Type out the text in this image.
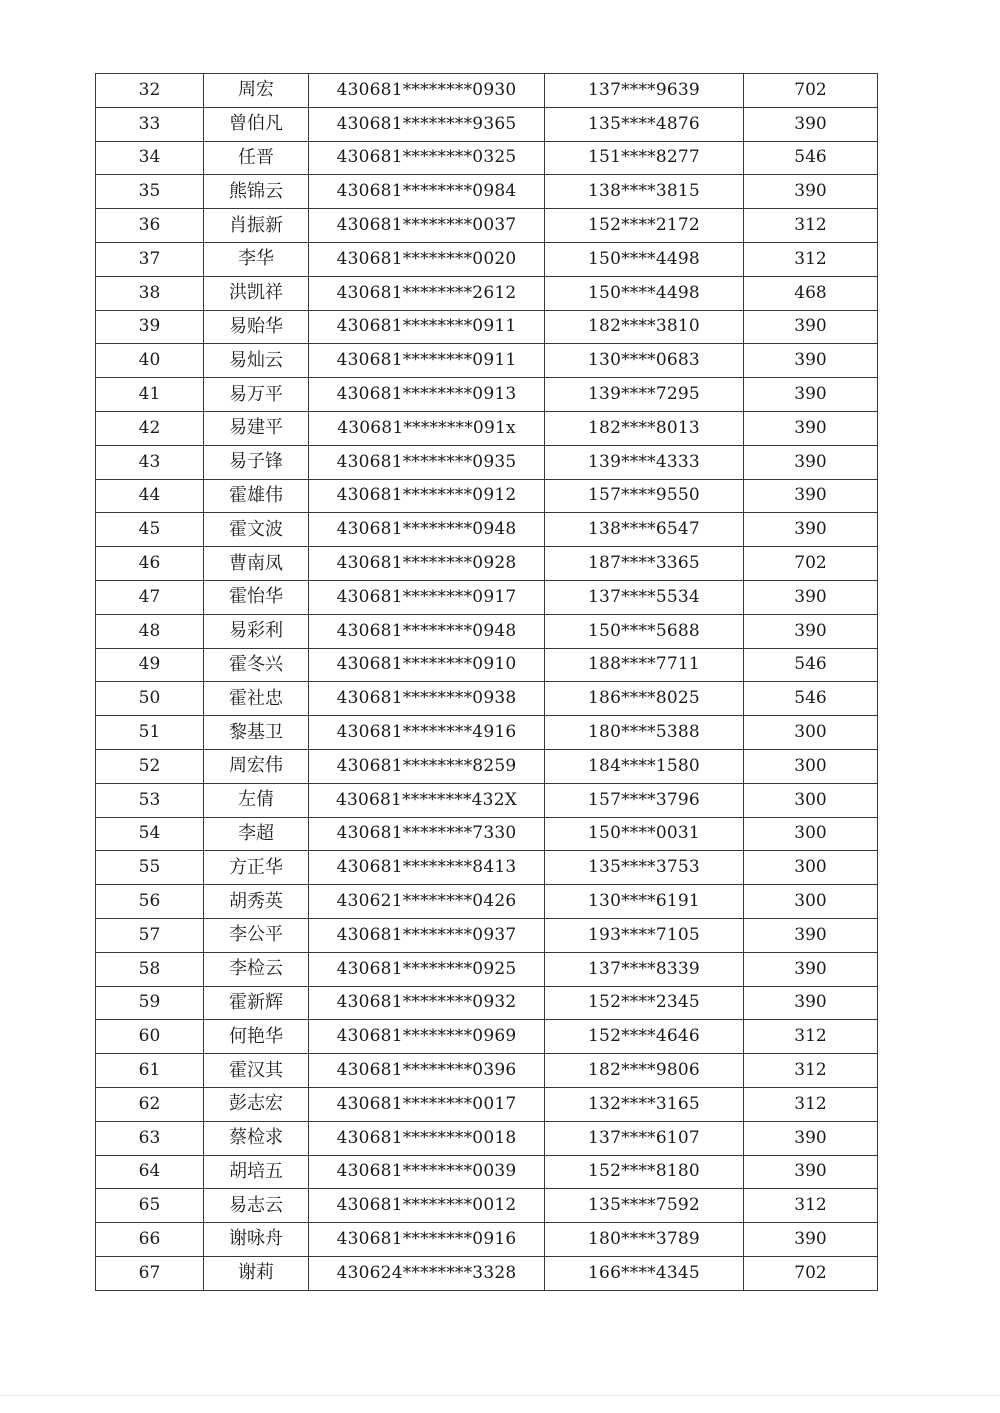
32	周宏	430681********0930	137****9639	702
33	曾伯凡	430681********9365	135****4876	390
34	任晋	430681********0325	151****8277	546
35	熊锦云	430681********0984	138****3815	390
36	肖振新	430681********0037	152****2172	312
37	李华	430681********0020	150****4498	312
38	洪凯祥	430681********2612	150****4498	468
39	易贻华	430681********0911	182****3810	390
40	易灿云	430681********0911	130****0683	390
41	易万平	430681********0913	139****7295	390
42	易建平	430681********091x	182****8013	390
43	易子锋	430681********0935	139****4333	390
44	霍雄伟	430681********0912	157****9550	390
45	霍文波	430681********0948	138****6547	390
46	曹南凤	430681********0928	187****3365	702
47	霍怡华	430681********0917	137****5534	390
48	易彩利	430681********0948	150****5688	390
49	霍冬兴	430681********0910	188****7711	546
50	霍社忠	430681********0938	186****8025	546
51	黎基卫	430681********4916	180****5388	300
52	周宏伟	430681********8259	184****1580	300
53	左倩	430681********432X	157****3796	300
54	李超	430681********7330	150****0031	300
55	方正华	430681********8413	135****3753	300
56	胡秀英	430621********0426	130****6191	300
57	李公平	430681********0937	193****7105	390
58	李检云	430681********0925	137****8339	390
59	霍新辉	430681********0932	152****2345	390
60	何艳华	430681********0969	152****4646	312
61	霍汉其	430681********0396	182****9806	312
62	彭志宏	430681********0017	132****3165	312
63	蔡检求	430681********0018	137****6107	390
64	胡培五	430681********0039	152****8180	390
65	易志云	430681********0012	135****7592	312
66	谢咏舟	430681********0916	180****3789	390
67	谢莉	430624********3328	166****4345	702
